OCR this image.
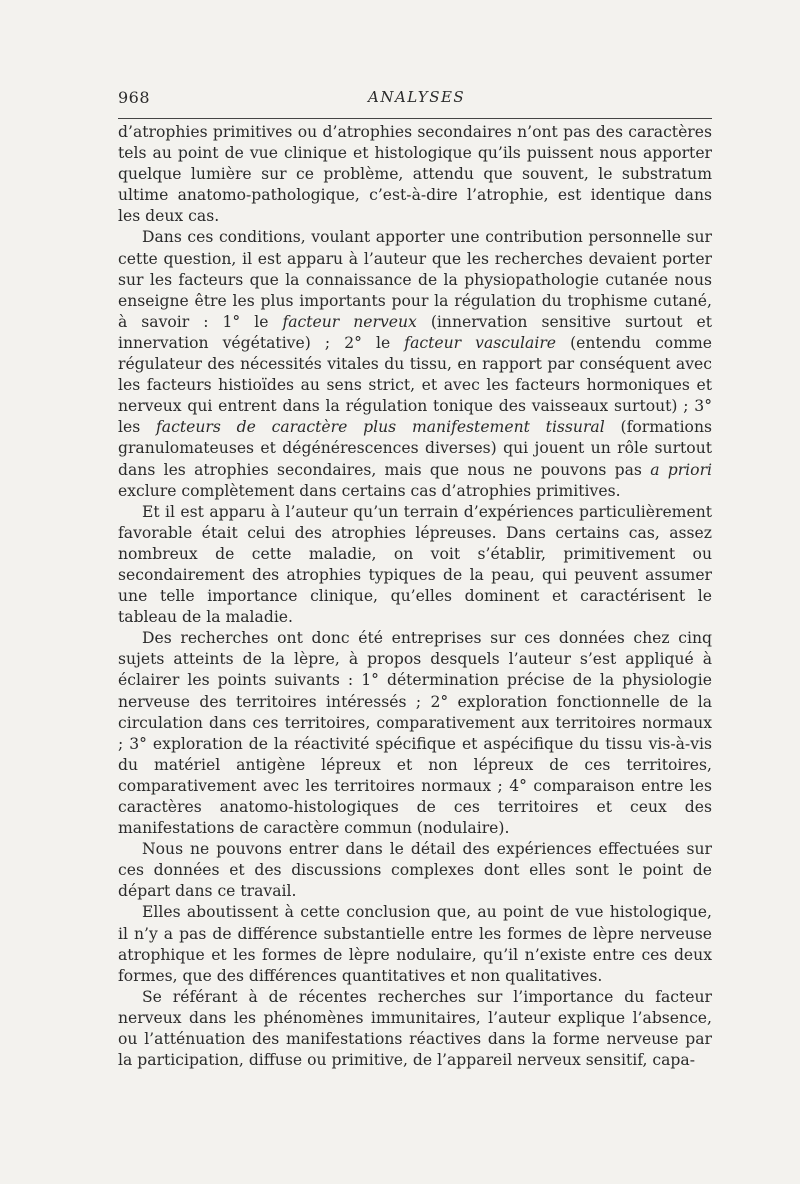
968	ANALYSES

d’atrophies primitives ou d’atrophies secondaires n’ont pas des caractères tels au point de vue clinique et histologique qu’ils puissent nous apporter quelque lumière sur ce problème, attendu que souvent, le substratum ultime anatomo-pathologique, c’est-à-dire l’atrophie, est identique dans les deux cas.

Dans ces conditions, voulant apporter une contribution personnelle sur cette question, il est apparu à l’auteur que les recherches devaient porter sur les facteurs que la connaissance de la physiopathologie cutanée nous enseigne être les plus importants pour la régulation du trophisme cutané, à savoir : 1° le facteur nerveux (innervation sensitive surtout et innervation végétative) ; 2° le facteur vasculaire (entendu comme régulateur des nécessités vitales du tissu, en rapport par conséquent avec les facteurs histioïdes au sens strict, et avec les facteurs hormoniques et nerveux qui entrent dans la régulation tonique des vaisseaux surtout) ; 3° les facteurs de caractère plus manifestement tissural (formations granulomateuses et dégénérescences diverses) qui jouent un rôle surtout dans les atrophies secondaires, mais que nous ne pouvons pas a priori exclure complètement dans certains cas d’atrophies primitives.

Et il est apparu à l’auteur qu’un terrain d’expériences particulièrement favorable était celui des atrophies lépreuses. Dans certains cas, assez nombreux de cette maladie, on voit s’établir, primitivement ou secondairement des atrophies typiques de la peau, qui peuvent assumer une telle importance clinique, qu’elles dominent et caractérisent le tableau de la maladie.

Des recherches ont donc été entreprises sur ces données chez cinq sujets atteints de la lèpre, à propos desquels l’auteur s’est appliqué à éclairer les points suivants : 1° détermination précise de la physiologie nerveuse des territoires intéressés ; 2° exploration fonctionnelle de la circulation dans ces territoires, comparativement aux territoires normaux ; 3° exploration de la réactivité spécifique et aspécifique du tissu vis-à-vis du matériel antigène lépreux et non lépreux de ces territoires, comparativement avec les territoires normaux ; 4° comparaison entre les caractères anatomo-histologiques de ces territoires et ceux des manifestations de caractère commun (nodulaire).

Nous ne pouvons entrer dans le détail des expériences effectuées sur ces données et des discussions complexes dont elles sont le point de départ dans ce travail.

Elles aboutissent à cette conclusion que, au point de vue histologique, il n’y a pas de différence substantielle entre les formes de lèpre nerveuse atrophique et les formes de lèpre nodulaire, qu’il n’existe entre ces deux formes, que des différences quantitatives et non qualitatives.

Se référant à de récentes recherches sur l’importance du facteur nerveux dans les phénomènes immunitaires, l’auteur explique l’absence, ou l’atténuation des manifestations réactives dans la forme nerveuse par la participation, diffuse ou primitive, de l’appareil nerveux sensitif, capa-
